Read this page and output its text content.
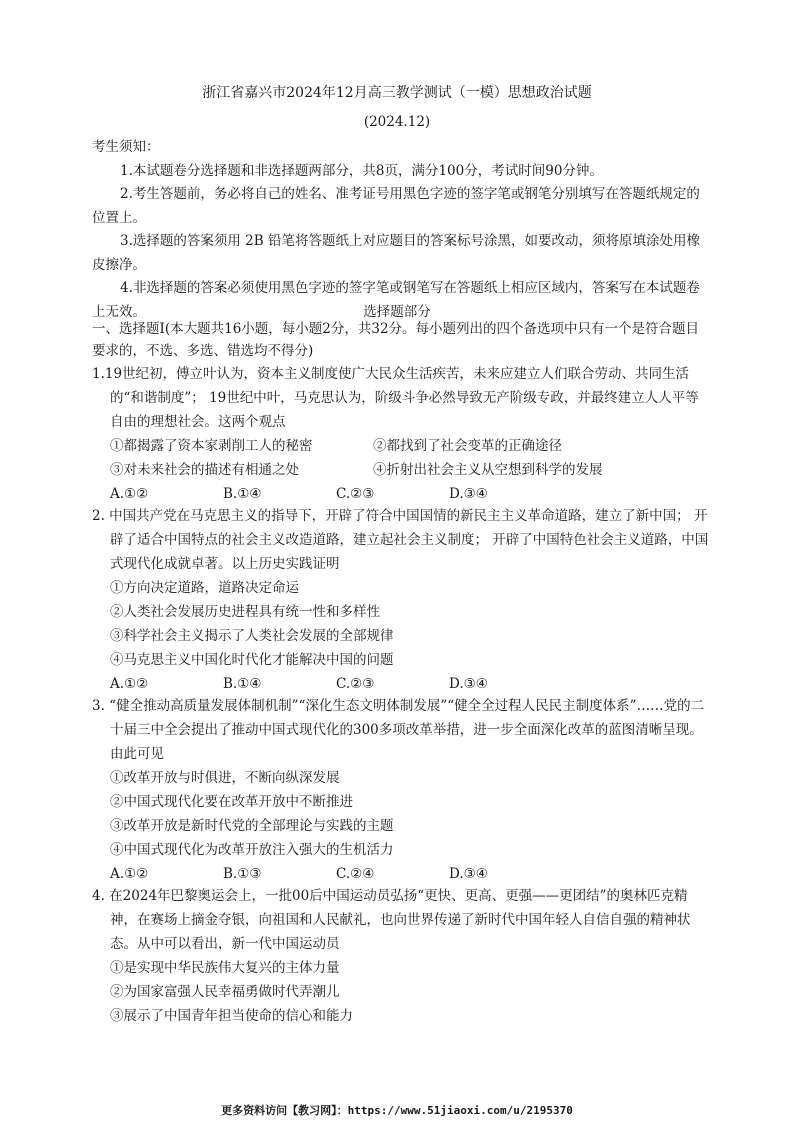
浙江省嘉兴市2024年12月高三教学测试（一模）思想政治试题
(2024.12)
考生须知：
1.本试题卷分选择题和非选择题两部分，共8页，满分100分，考试时间90分钟。
2.考生答题前，务必将自己的姓名、准考证号用黑色字迹的签字笔或钢笔分别填写在答题纸规定的位置上。
3.选择题的答案须用 2B 铅笔将答题纸上对应题目的答案标号涂黑，如要改动，须将原填涂处用橡皮擦净。
4.非选择题的答案必须使用黑色字迹的签字笔或钢笔写在答题纸上相应区域内，答案写在本试题卷上无效。	选择题部分
一、选择题Ⅰ(本大题共16小题，每小题2分，共32分。每小题列出的四个备选项中只有一个是符合题目要求的，不选、多选、错选均不得分)
1.19世纪初，傅立叶认为，资本主义制度使广大民众生活疾苦，未来应建立人们联合劳动、共同生活的“和谐制度”； 19世纪中叶，马克思认为，阶级斗争必然导致无产阶级专政，并最终建立人人平等自由的理想社会。这两个观点
①都揭露了资本家剥削工人的秘密	②都找到了社会变革的正确途径
③对未来社会的描述有相通之处	④折射出社会主义从空想到科学的发展
A.①②	B.①④	C.②③	D.③④
2. 中国共产党在马克思主义的指导下，开辟了符合中国国情的新民主主义革命道路，建立了新中国； 开辟了适合中国特点的社会主义改造道路，建立起社会主义制度； 开辟了中国特色社会主义道路，中国式现代化成就卓著。以上历史实践证明
①方向决定道路，道路决定命运
②人类社会发展历史进程具有统一性和多样性
③科学社会主义揭示了人类社会发展的全部规律
④马克思主义中国化时代化才能解决中国的问题
A.①②	B.①④	C.②③	D.③④
3. “健全推动高质量发展体制机制”“深化生态文明体制发展”“健全全过程人民民主制度体系”……党的二十届三中全会提出了推动中国式现代化的300多项改革举措，进一步全面深化改革的蓝图清晰呈现。由此可见
①改革开放与时俱进，不断向纵深发展
②中国式现代化要在改革开放中不断推进
③改革开放是新时代党的全部理论与实践的主题
④中国式现代化为改革开放注入强大的生机活力
A.①②	B.①③	C.②④	D.③④
4. 在2024年巴黎奥运会上，一批00后中国运动员弘扬“更快、更高、更强——更团结”的奥林匹克精神，在赛场上摘金夺银，向祖国和人民献礼，也向世界传递了新时代中国年轻人自信自强的精神状态。从中可以看出，新一代中国运动员
①是实现中华民族伟大复兴的主体力量
②为国家富强人民幸福勇做时代弄潮儿
③展示了中国青年担当使命的信心和能力
更多资料访问【教习网】：https://www.51jiaoxi.com/u/2195370
